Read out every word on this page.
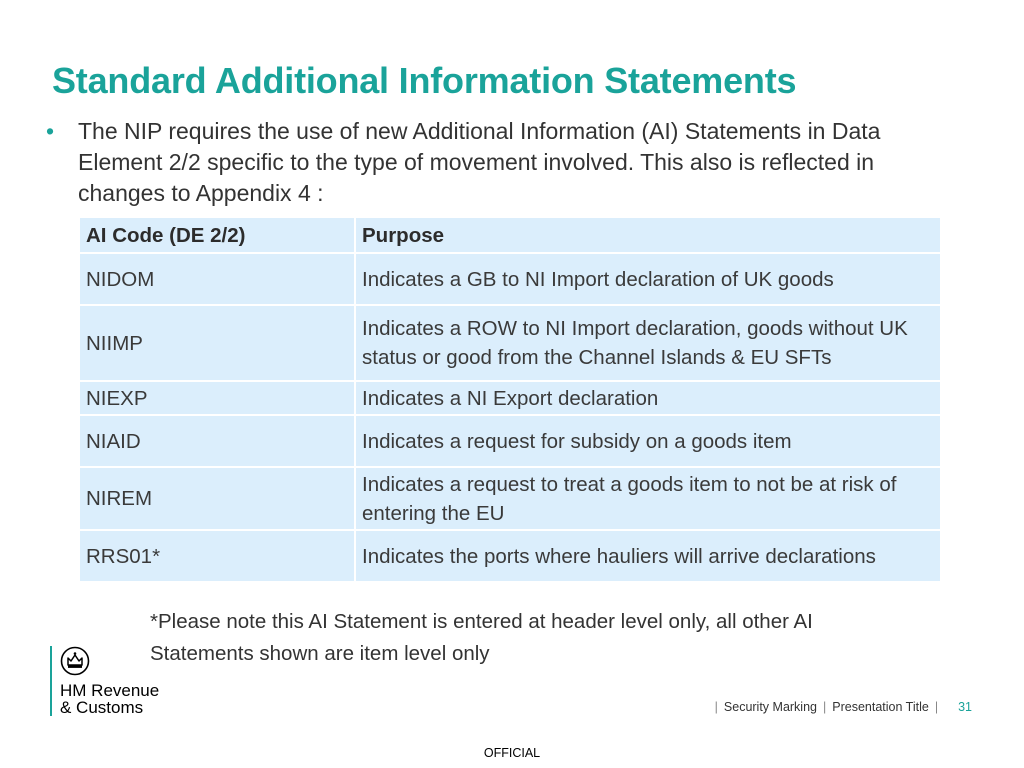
Standard Additional Information Statements
•	The NIP requires the use of new Additional Information (AI) Statements in Data Element 2/2 specific to the type of movement involved. This also is reflected in changes to Appendix 4 :
AI Code (DE 2/2)	Purpose
NIDOM	Indicates a GB to NI Import declaration of UK goods
NIIMP	Indicates a ROW to NI Import declaration, goods without UK status or good from the Channel Islands & EU SFTs
NIEXP	Indicates a NI Export declaration
NIAID	Indicates a request for subsidy on a goods item
NIREM	Indicates a request to treat a goods item to not be at risk of entering the EU
RRS01*	Indicates the ports where hauliers will arrive declarations
*Please note this AI Statement is entered at header level only, all other AI Statements shown are item level only
HM Revenue
& Customs	| Security Marking | Presentation Title | 31
OFFICIAL
